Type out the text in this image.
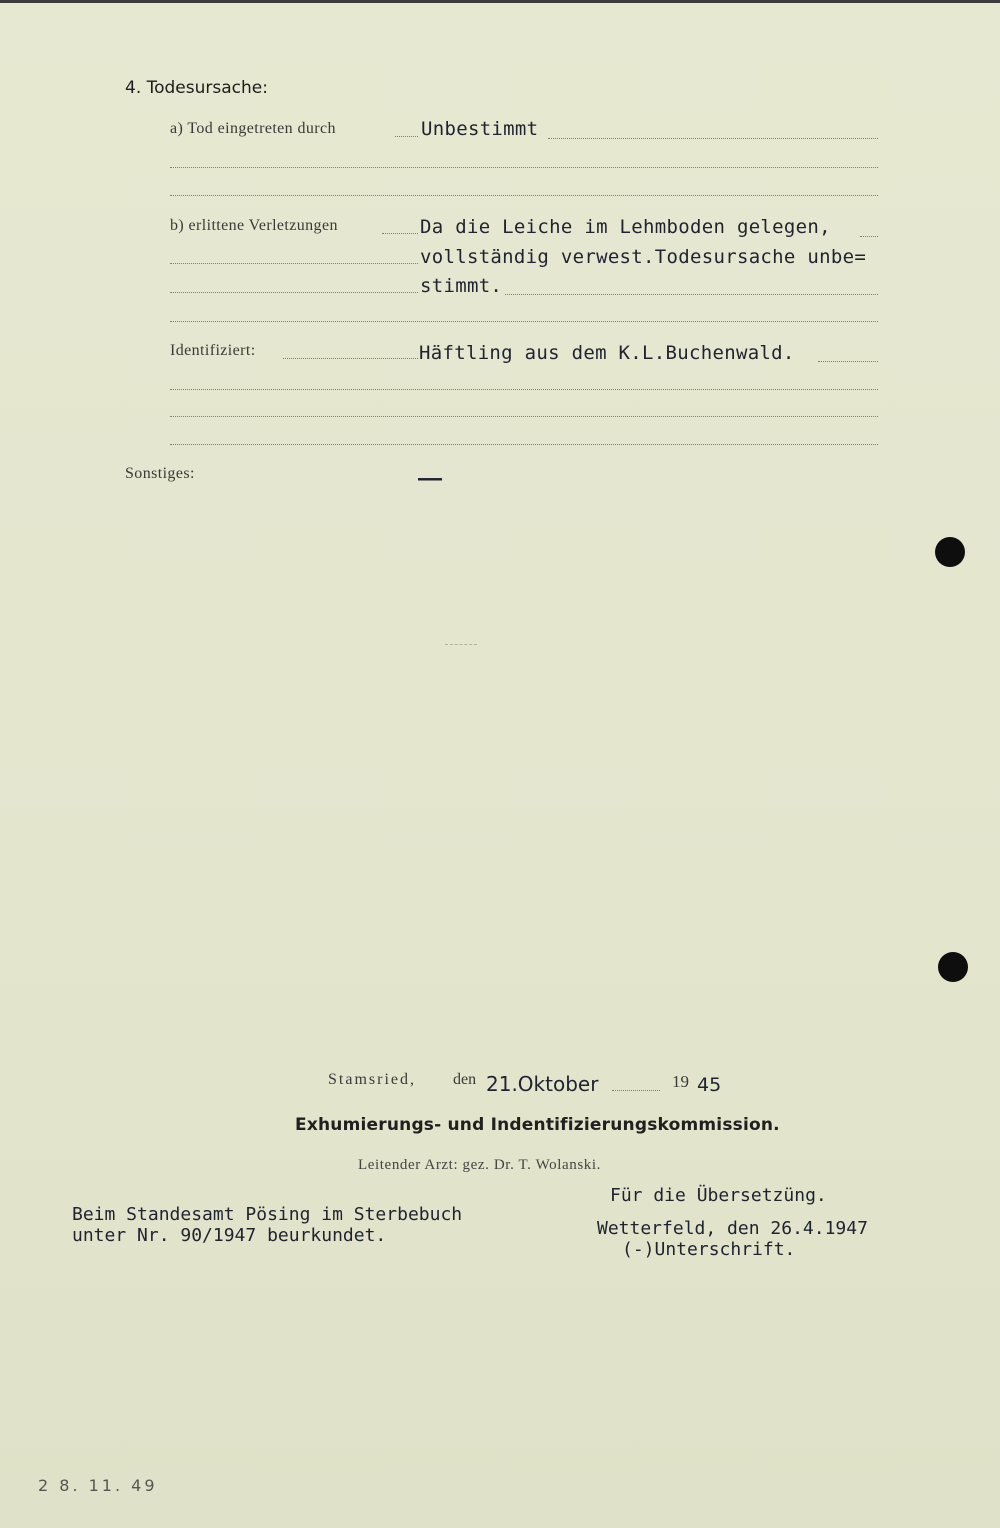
4. Todesursache:
a) Tod eingetreten durch	Unbestimmt
b) erlittene Verletzungen	Da die Leiche im Lehmboden gelegen,
vollständig verwest.Todesursache unbe=
stimmt.
Identifiziert:	Häftling aus dem K.L.Buchenwald.
Sonstiges:	——
Stamsried, den 21.Oktober	19 45
Exhumierungs- und Indentifizierungskommission.
Leitender Arzt: gez. Dr. T. Wolanski.
Beim Standesamt Pösing im Sterbebuch
unter Nr. 90/1947 beurkundet.
Für die Übersetzüng.
Wetterfeld, den 26.4.1947
(-)Unterschrift.
2 8. 11. 49
